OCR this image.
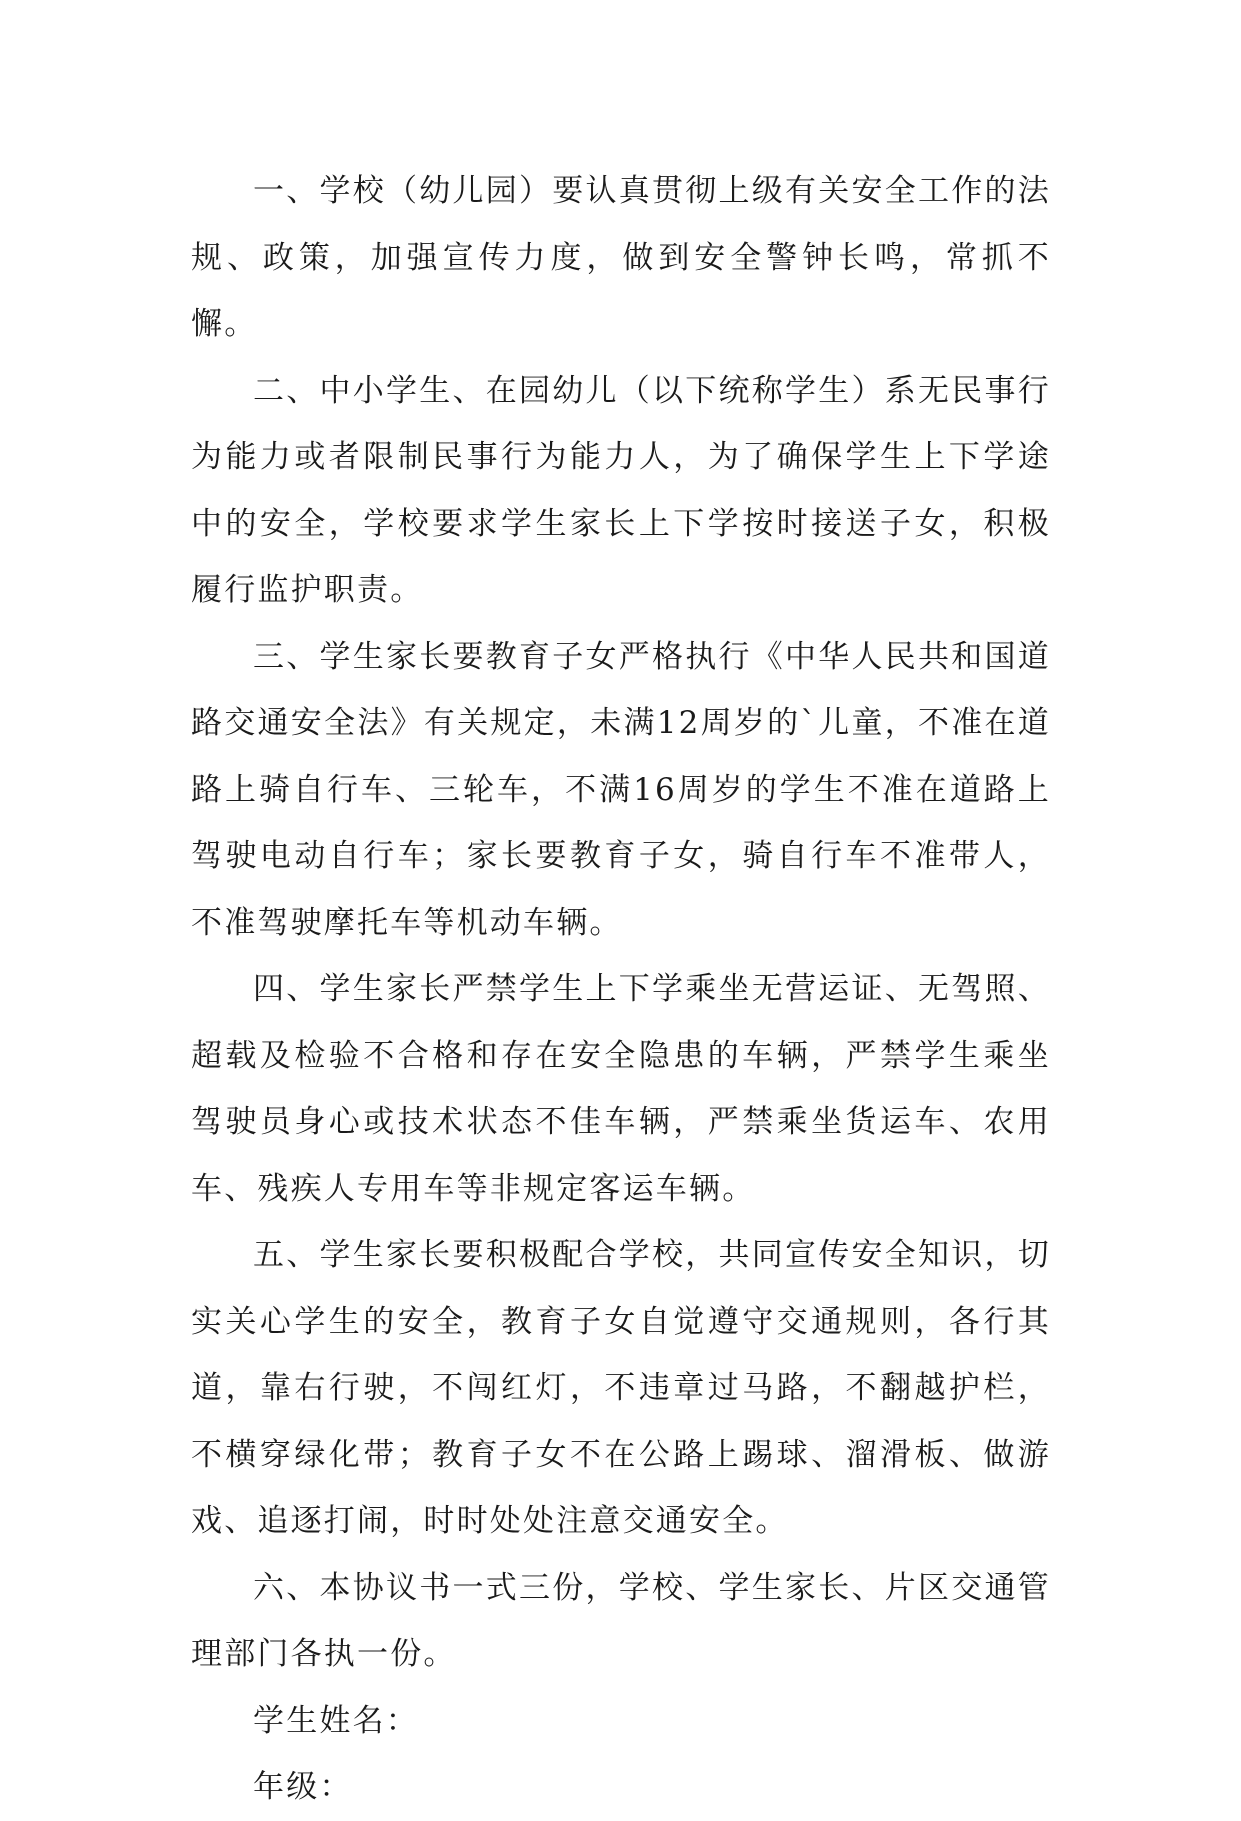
一、学校（幼儿园）要认真贯彻上级有关安全工作的法规、政策，加强宣传力度，做到安全警钟长鸣，常抓不懈。

二、中小学生、在园幼儿（以下统称学生）系无民事行为能力或者限制民事行为能力人，为了确保学生上下学途中的安全，学校要求学生家长上下学按时接送子女，积极履行监护职责。

三、学生家长要教育子女严格执行《中华人民共和国道路交通安全法》有关规定，未满12周岁的`儿童，不准在道路上骑自行车、三轮车，不满16周岁的学生不准在道路上驾驶电动自行车；家长要教育子女，骑自行车不准带人，不准驾驶摩托车等机动车辆。

四、学生家长严禁学生上下学乘坐无营运证、无驾照、超载及检验不合格和存在安全隐患的车辆，严禁学生乘坐驾驶员身心或技术状态不佳车辆，严禁乘坐货运车、农用车、残疾人专用车等非规定客运车辆。

五、学生家长要积极配合学校，共同宣传安全知识，切实关心学生的安全，教育子女自觉遵守交通规则，各行其道，靠右行驶，不闯红灯，不违章过马路，不翻越护栏，不横穿绿化带；教育子女不在公路上踢球、溜滑板、做游戏、追逐打闹，时时处处注意交通安全。

六、本协议书一式三份，学校、学生家长、片区交通管理部门各执一份。

学生姓名：

年级：
